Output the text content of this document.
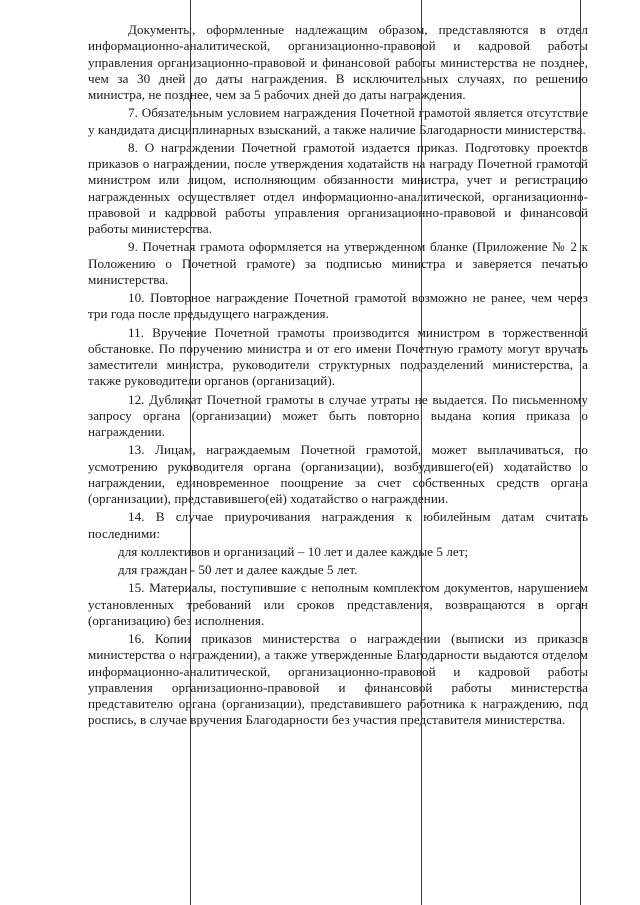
Документы, оформленные надлежащим образом, представляются в отдел информационно-аналитической, организационно-правовой и кадровой работы управления организационно-правовой и финансовой работы министерства не позднее, чем за 30 дней до даты награждения. В исключительных случаях, по решению министра, не позднее, чем за 5 рабочих дней до даты награждения.

7. Обязательным условием награждения Почетной грамотой является отсутствие у кандидата дисциплинарных взысканий, а также наличие Благодарности министерства.

8. О награждении Почетной грамотой издается приказ. Подготовку проектов приказов о награждении, после утверждения ходатайств на награду Почетной грамотой министром или лицом, исполняющим обязанности министра, учет и регистрацию награжденных осуществляет отдел информационно-аналитической, организационно-правовой и кадровой работы управления организационно-правовой и финансовой работы министерства.

9. Почетная грамота оформляется на утвержденном бланке (Приложение № 2 к Положению о Почетной грамоте) за подписью министра и заверяется печатью министерства.

10. Повторное награждение Почетной грамотой возможно не ранее, чем через три года после предыдущего награждения.

11. Вручение Почетной грамоты производится министром в торжественной обстановке. По поручению министра и от его имени Почетную грамоту могут вручать заместители министра, руководители структурных подразделений министерства, а также руководители органов (организаций).

12. Дубликат Почетной грамоты в случае утраты не выдается. По письменному запросу органа (организации) может быть повторно выдана копия приказа о награждении.

13. Лицам, награждаемым Почетной грамотой, может выплачиваться, по усмотрению руководителя органа (организации), возбудившего(ей) ходатайство о награждении, единовременное поощрение за счет собственных средств органа (организации), представившего(ей) ходатайство о награждении.

14. В случае приурочивания награждения к юбилейным датам считать последними:

для коллективов и организаций – 10 лет и далее каждые 5 лет;

для граждан - 50 лет и далее каждые 5 лет.

15. Материалы, поступившие с неполным комплектом документов, нарушением установленных требований или сроков представления, возвращаются в орган (организацию) без исполнения.

16. Копии приказов министерства о награждении (выписки из приказов министерства о награждении), а также утвержденные Благодарности выдаются отделом информационно-аналитической, организационно-правовой и кадровой работы управления организационно-правовой и финансовой работы министерства представителю органа (организации), представившего работника к награждению, под роспись, в случае вручения Благодарности без участия представителя министерства.
